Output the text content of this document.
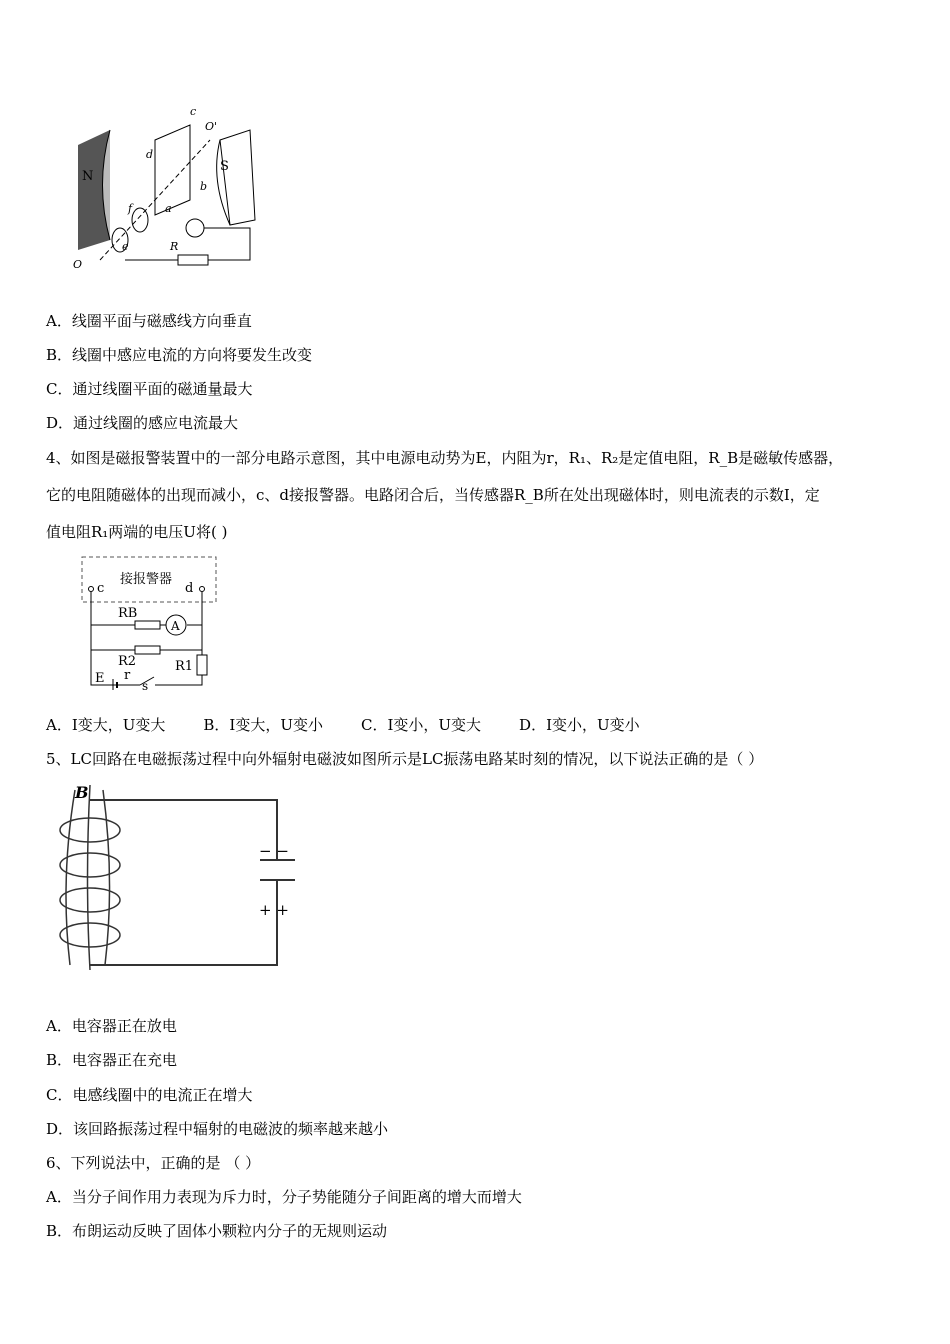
c
O'
d
S
N
b
f	a
e	R
O
A．线圈平面与磁感线方向垂直
B．线圈中感应电流的方向将要发生改变
C．通过线圈平面的磁通量最大
D．通过线圈的感应电流最大
4、如图是磁报警装置中的一部分电路示意图，其中电源电动势为E，内阻为r，R₁、R₂是定值电阻，R_B是磁敏传感器，
它的电阻随磁体的出现而减小，c、d接报警器。电路闭合后，当传感器R_B所在处出现磁体时，则电流表的示数I，定
值电阻R₁两端的电压U将( )
接报警器
c	d
A
RB
R2	R1
E r
s
A．I变大，U变大	B．I变大，U变小	C．I变小，U变大	D．I变小，U变小
5、LC回路在电磁振荡过程中向外辐射电磁波如图所示是LC振荡电路某时刻的情况，以下说法正确的是（ ）
B
− −
+ +
A．电容器正在放电
B．电容器正在充电
C．电感线圈中的电流正在增大
D．该回路振荡过程中辐射的电磁波的频率越来越小
6、下列说法中，正确的是 （ ）
A．当分子间作用力表现为斥力时，分子势能随分子间距离的增大而增大
B．布朗运动反映了固体小颗粒内分子的无规则运动
